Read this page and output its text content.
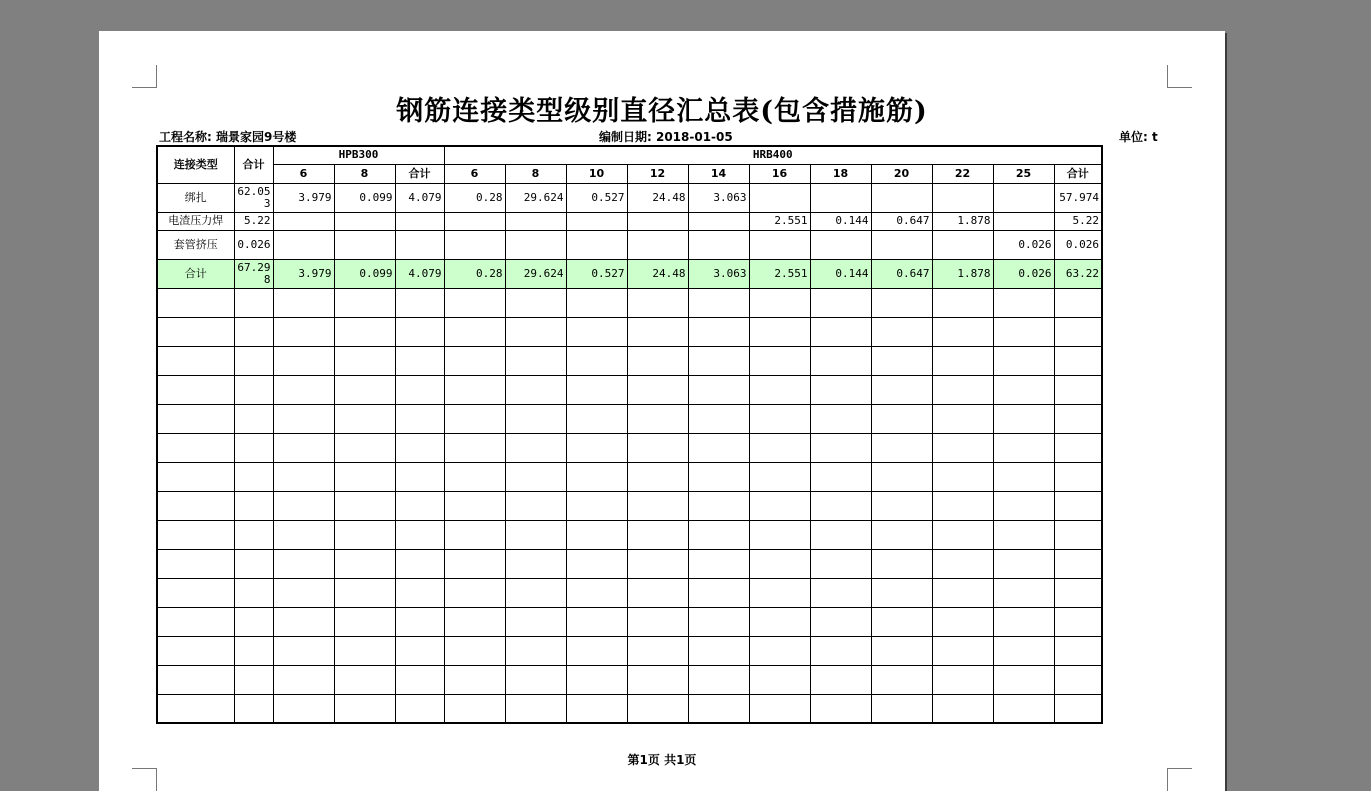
钢筋连接类型级别直径汇总表(包含措施筋)
工程名称: 瑞景家园9号楼	编制日期: 2018-01-05	单位: t
连接类型	合计	HPB300			HRB400										
		6	8	合计	6	8	10	12	14	16	18	20	22	25	合计
绑扎	62.053	3.979	0.099	4.079	0.28	29.624	0.527	24.48	3.063						57.974
电渣压力焊	5.22									2.551	0.144	0.647	1.878		5.22
套管挤压	0.026													0.026	0.026
合计	67.298	3.979	0.099	4.079	0.28	29.624	0.527	24.48	3.063	2.551	0.144	0.647	1.878	0.026	63.22

第1页 共1页
